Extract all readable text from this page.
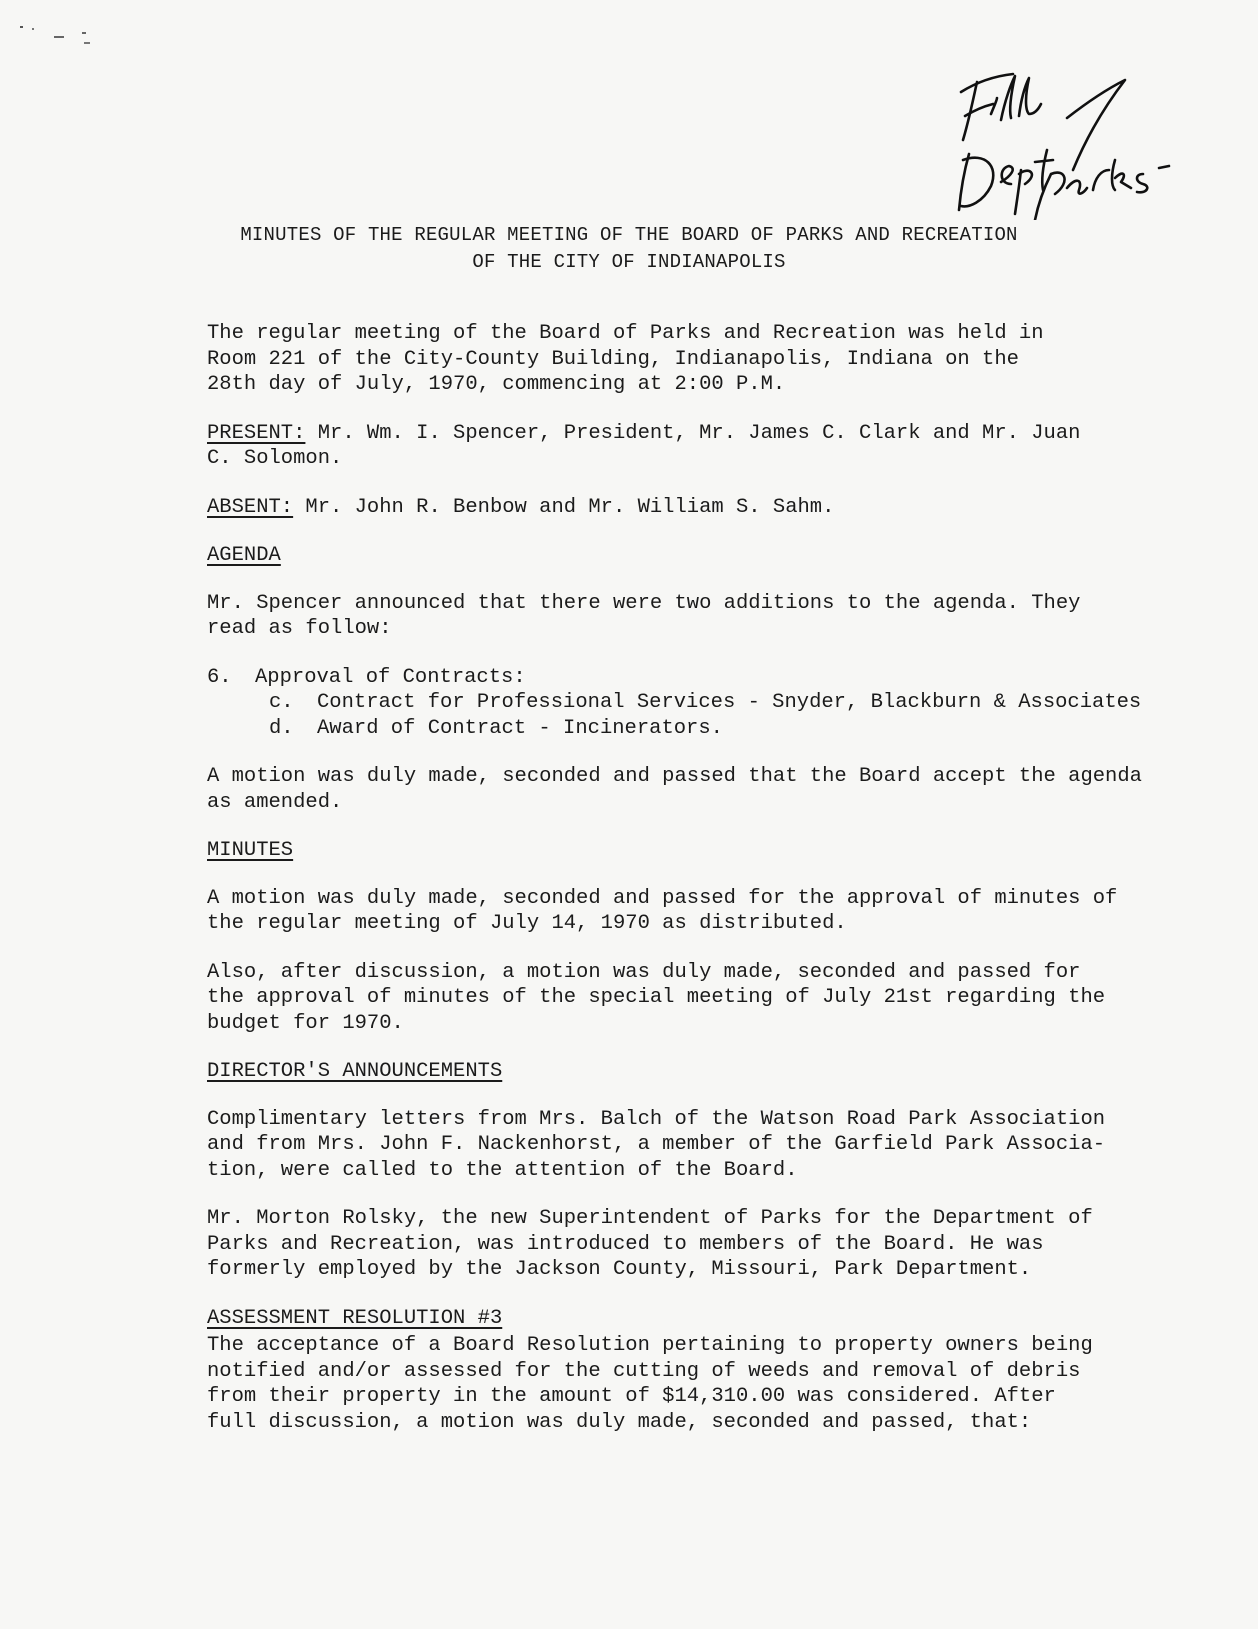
MINUTES OF THE REGULAR MEETING OF THE BOARD OF PARKS AND RECREATION
OF THE CITY OF INDIANAPOLIS

The regular meeting of the Board of Parks and Recreation was held in
Room 221 of the City-County Building, Indianapolis, Indiana on the
28th day of July, 1970, commencing at 2:00 P.M.

PRESENT: Mr. Wm. I. Spencer, President, Mr. James C. Clark and Mr. Juan
C. Solomon.

ABSENT: Mr. John R. Benbow and Mr. William S. Sahm.

AGENDA

Mr. Spencer announced that there were two additions to the agenda. They
read as follow:

6.	Approval of Contracts:
c.	Contract for Professional Services - Snyder, Blackburn & Associates
d.	Award of Contract - Incinerators.

A motion was duly made, seconded and passed that the Board accept the agenda
as amended.

MINUTES

A motion was duly made, seconded and passed for the approval of minutes of
the regular meeting of July 14, 1970 as distributed.

Also, after discussion, a motion was duly made, seconded and passed for
the approval of minutes of the special meeting of July 21st regarding the
budget for 1970.

DIRECTOR'S ANNOUNCEMENTS

Complimentary letters from Mrs. Balch of the Watson Road Park Association
and from Mrs. John F. Nackenhorst, a member of the Garfield Park Associa-
tion, were called to the attention of the Board.

Mr. Morton Rolsky, the new Superintendent of Parks for the Department of
Parks and Recreation, was introduced to members of the Board. He was
formerly employed by the Jackson County, Missouri, Park Department.

ASSESSMENT RESOLUTION #3

The acceptance of a Board Resolution pertaining to property owners being
notified and/or assessed for the cutting of weeds and removal of debris
from their property in the amount of $14,310.00 was considered. After
full discussion, a motion was duly made, seconded and passed, that:
